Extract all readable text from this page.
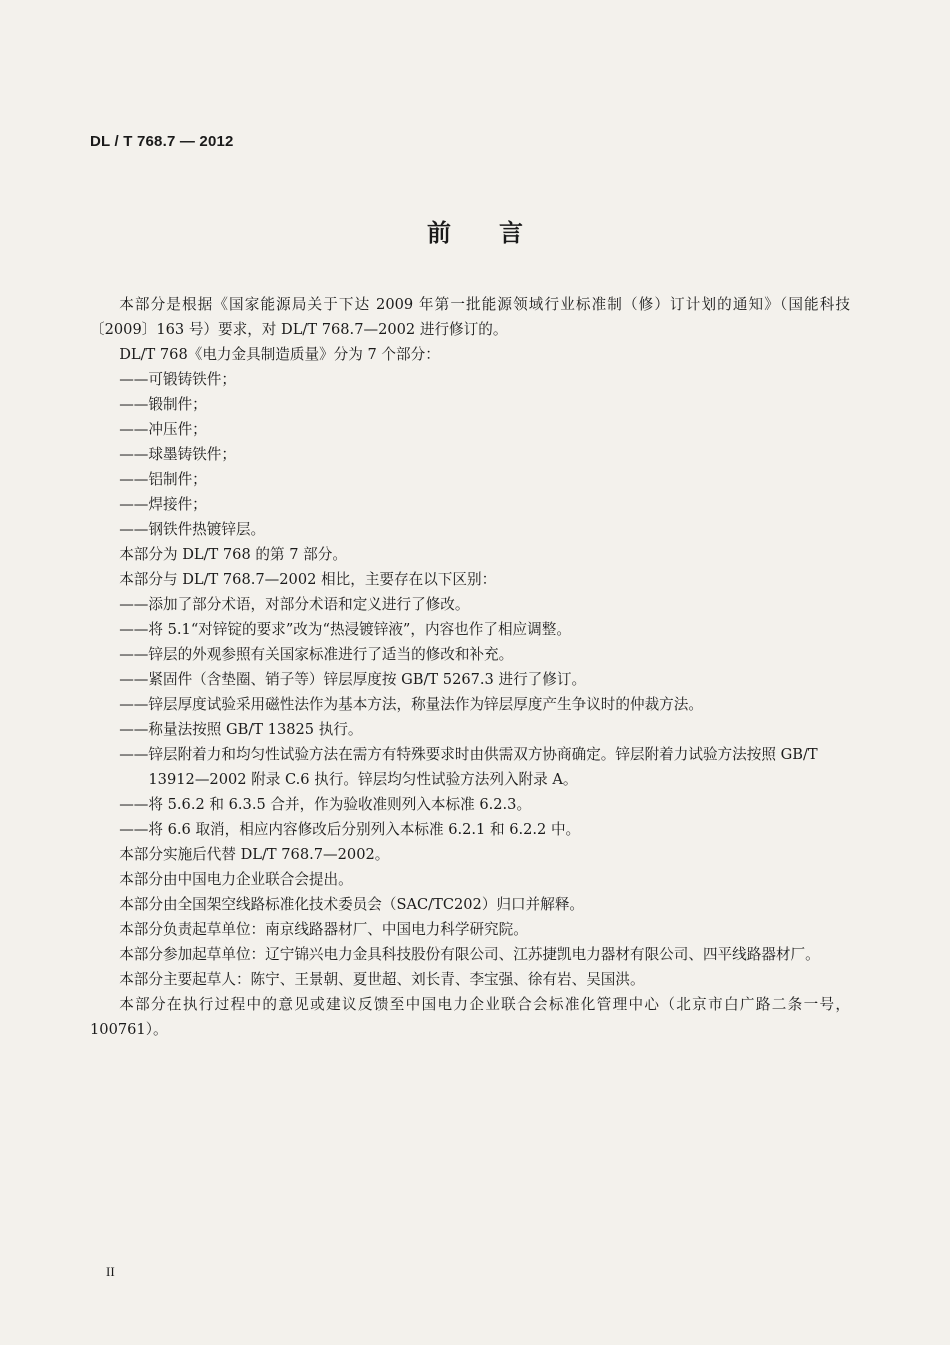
DL / T 768.7 — 2012
前言

本部分是根据《国家能源局关于下达 2009 年第一批能源领域行业标准制（修）订计划的通知》（国能科技〔2009〕163 号）要求，对 DL/T 768.7—2002 进行修订的。

DL/T 768《电力金具制造质量》分为 7 个部分：

——可锻铸铁件；

——锻制件；

——冲压件；

——球墨铸铁件；

——铝制件；

——焊接件；

——钢铁件热镀锌层。

本部分为 DL/T 768 的第 7 部分。

本部分与 DL/T 768.7—2002 相比，主要存在以下区别：

——添加了部分术语，对部分术语和定义进行了修改。

——将 5.1“对锌锭的要求”改为“热浸镀锌液”，内容也作了相应调整。

——锌层的外观参照有关国家标准进行了适当的修改和补充。

——紧固件（含垫圈、销子等）锌层厚度按 GB/T 5267.3 进行了修订。

——锌层厚度试验采用磁性法作为基本方法，称量法作为锌层厚度产生争议时的仲裁方法。

——称量法按照 GB/T 13825 执行。

——锌层附着力和均匀性试验方法在需方有特殊要求时由供需双方协商确定。锌层附着力试验方法按照 GB/T 13912—2002 附录 C.6 执行。锌层均匀性试验方法列入附录 A。

——将 5.6.2 和 6.3.5 合并，作为验收准则列入本标准 6.2.3。

——将 6.6 取消，相应内容修改后分别列入本标准 6.2.1 和 6.2.2 中。

本部分实施后代替 DL/T 768.7—2002。

本部分由中国电力企业联合会提出。

本部分由全国架空线路标准化技术委员会（SAC/TC202）归口并解释。

本部分负责起草单位：南京线路器材厂、中国电力科学研究院。

本部分参加起草单位：辽宁锦兴电力金具科技股份有限公司、江苏捷凯电力器材有限公司、四平线路器材厂。

本部分主要起草人：陈宁、王景朝、夏世超、刘长青、李宝强、徐有岩、吴国洪。

本部分在执行过程中的意见或建议反馈至中国电力企业联合会标准化管理中心（北京市白广路二条一号，100761）。

II
